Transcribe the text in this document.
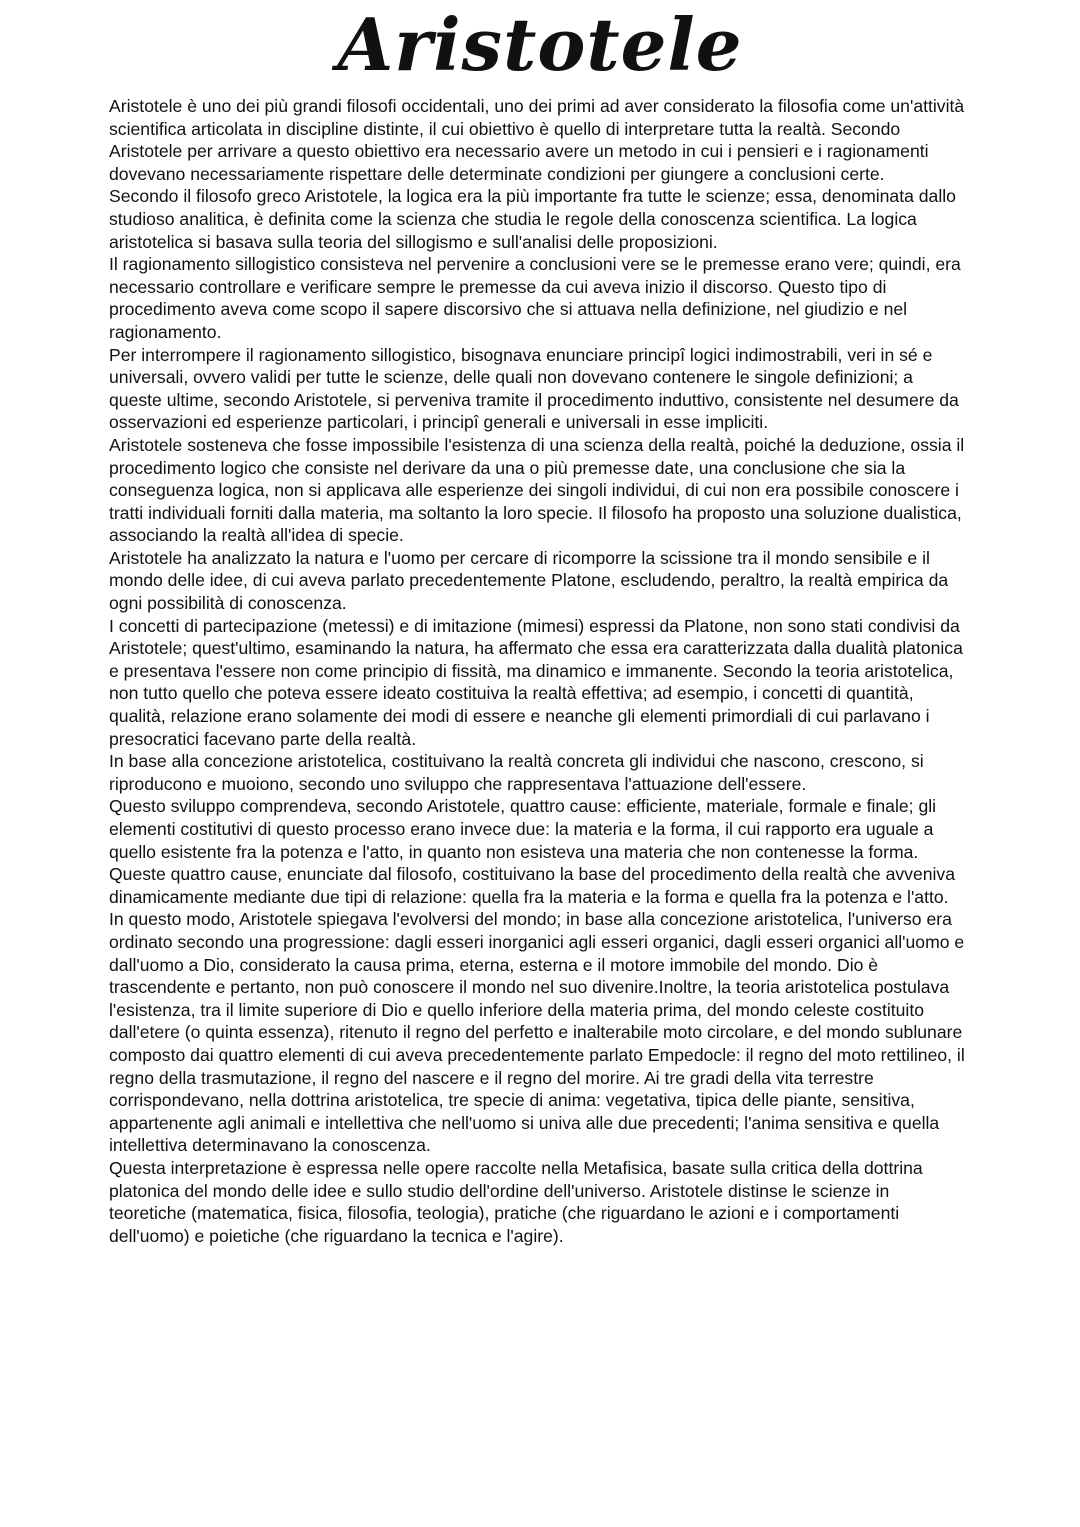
Aristotele

Aristotele è uno dei più grandi filosofi occidentali, uno dei primi ad aver considerato la filosofia come un'attività scientifica articolata in discipline distinte, il cui obiettivo è quello di interpretare tutta la realtà. Secondo Aristotele per arrivare a questo obiettivo era necessario avere un metodo in cui i pensieri e i ragionamenti dovevano necessariamente rispettare delle determinate condizioni per giungere a conclusioni certe.

Secondo il filosofo greco Aristotele, la logica era la più importante fra tutte le scienze; essa, denominata dallo studioso analitica, è definita come la scienza che studia le regole della conoscenza scientifica. La logica aristotelica si basava sulla teoria del sillogismo e sull'analisi delle proposizioni.

Il ragionamento sillogistico consisteva nel pervenire a conclusioni vere se le premesse erano vere; quindi, era necessario controllare e verificare sempre le premesse da cui aveva inizio il discorso. Questo tipo di procedimento aveva come scopo il sapere discorsivo che si attuava nella definizione, nel giudizio e nel ragionamento.

Per interrompere il ragionamento sillogistico, bisognava enunciare principî logici indimostrabili, veri in sé e universali, ovvero validi per tutte le scienze, delle quali non dovevano contenere le singole definizioni; a queste ultime, secondo Aristotele, si perveniva tramite il procedimento induttivo, consistente nel desumere da osservazioni ed esperienze particolari, i principî generali e universali in esse impliciti.

Aristotele sosteneva che fosse impossibile l'esistenza di una scienza della realtà, poiché la deduzione, ossia il procedimento logico che consiste nel derivare da una o più premesse date, una conclusione che sia la conseguenza logica, non si applicava alle esperienze dei singoli individui, di cui non era possibile conoscere i tratti individuali forniti dalla materia, ma soltanto la loro specie. Il filosofo ha proposto una soluzione dualistica, associando la realtà all'idea di specie.

Aristotele ha analizzato la natura e l'uomo per cercare di ricomporre la scissione tra il mondo sensibile e il mondo delle idee, di cui aveva parlato precedentemente Platone, escludendo, peraltro, la realtà empirica da ogni possibilità di conoscenza.

I concetti di partecipazione (metessi) e di imitazione (mimesi) espressi da Platone, non sono stati condivisi da Aristotele; quest'ultimo, esaminando la natura, ha affermato che essa era caratterizzata dalla dualità platonica e presentava l'essere non come principio di fissità, ma dinamico e immanente. Secondo la teoria aristotelica, non tutto quello che poteva essere ideato costituiva la realtà effettiva; ad esempio, i concetti di quantità, qualità, relazione erano solamente dei modi di essere e neanche gli elementi primordiali di cui parlavano i presocratici facevano parte della realtà.

In base alla concezione aristotelica, costituivano la realtà concreta gli individui che nascono, crescono, si riproducono e muoiono, secondo uno sviluppo che rappresentava l'attuazione dell'essere.

Questo sviluppo comprendeva, secondo Aristotele, quattro cause: efficiente, materiale, formale e finale; gli elementi costitutivi di questo processo erano invece due: la materia e la forma, il cui rapporto era uguale a quello esistente fra la potenza e l'atto, in quanto non esisteva una materia che non contenesse la forma. Queste quattro cause, enunciate dal filosofo, costituivano la base del procedimento della realtà che avveniva dinamicamente mediante due tipi di relazione: quella fra la materia e la forma e quella fra la potenza e l'atto. In questo modo, Aristotele spiegava l'evolversi del mondo; in base alla concezione aristotelica, l'universo era ordinato secondo una progressione: dagli esseri inorganici agli esseri organici, dagli esseri organici all'uomo e dall'uomo a Dio, considerato la causa prima, eterna, esterna e il motore immobile del mondo. Dio è trascendente e pertanto, non può conoscere il mondo nel suo divenire.Inoltre, la teoria aristotelica postulava l'esistenza, tra il limite superiore di Dio e quello inferiore della materia prima, del mondo celeste costituito dall'etere (o quinta essenza), ritenuto il regno del perfetto e inalterabile moto circolare, e del mondo sublunare composto dai quattro elementi di cui aveva precedentemente parlato Empedocle: il regno del moto rettilineo, il regno della trasmutazione, il regno del nascere e il regno del morire. Ai tre gradi della vita terrestre corrispondevano, nella dottrina aristotelica, tre specie di anima: vegetativa, tipica delle piante, sensitiva, appartenente agli animali e intellettiva che nell'uomo si univa alle due precedenti; l'anima sensitiva e quella intellettiva determinavano la conoscenza.

Questa interpretazione è espressa nelle opere raccolte nella Metafisica, basate sulla critica della dottrina platonica del mondo delle idee e sullo studio dell'ordine dell'universo. Aristotele distinse le scienze in teoretiche (matematica, fisica, filosofia, teologia), pratiche (che riguardano le azioni e i comportamenti dell'uomo) e poietiche (che riguardano la tecnica e l'agire).
